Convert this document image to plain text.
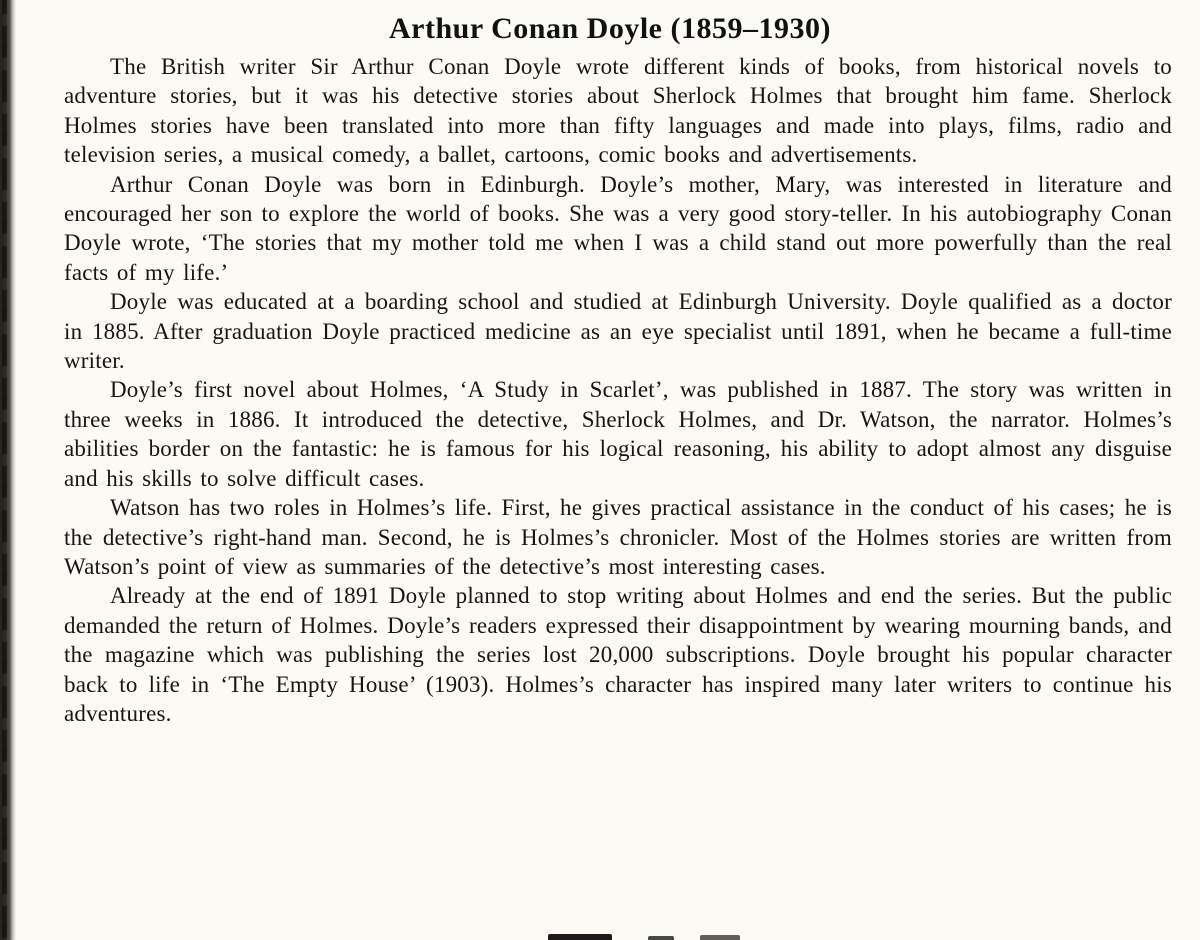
Arthur Conan Doyle (1859–1930)

The British writer Sir Arthur Conan Doyle wrote different kinds of books, from historical novels to adventure stories, but it was his detective stories about Sherlock Holmes that brought him fame. Sherlock Holmes stories have been translated into more than fifty languages and made into plays, films, radio and television series, a musical comedy, a ballet, cartoons, comic books and advertisements.

Arthur Conan Doyle was born in Edinburgh. Doyle’s mother, Mary, was interested in literature and encouraged her son to explore the world of books. She was a very good story-teller. In his autobiography Conan Doyle wrote, ‘The stories that my mother told me when I was a child stand out more powerfully than the real facts of my life.’

Doyle was educated at a boarding school and studied at Edinburgh University. Doyle qualified as a doctor in 1885. After graduation Doyle practiced medicine as an eye specialist until 1891, when he became a full-time writer.

Doyle’s first novel about Holmes, ‘A Study in Scarlet’, was published in 1887. The story was written in three weeks in 1886. It introduced the detective, Sherlock Holmes, and Dr. Watson, the narrator. Holmes’s abilities border on the fantastic: he is famous for his logical reasoning, his ability to adopt almost any disguise and his skills to solve difficult cases.

Watson has two roles in Holmes’s life. First, he gives practical assistance in the conduct of his cases; he is the detective’s right-hand man. Second, he is Holmes’s chronicler. Most of the Holmes stories are written from Watson’s point of view as summaries of the detective’s most interesting cases.

Already at the end of 1891 Doyle planned to stop writing about Holmes and end the series. But the public demanded the return of Holmes. Doyle’s readers expressed their disappointment by wearing mourning bands, and the magazine which was publishing the series lost 20,000 subscriptions. Doyle brought his popular character back to life in ‘The Empty House’ (1903). Holmes’s character has inspired many later writers to continue his adventures.
